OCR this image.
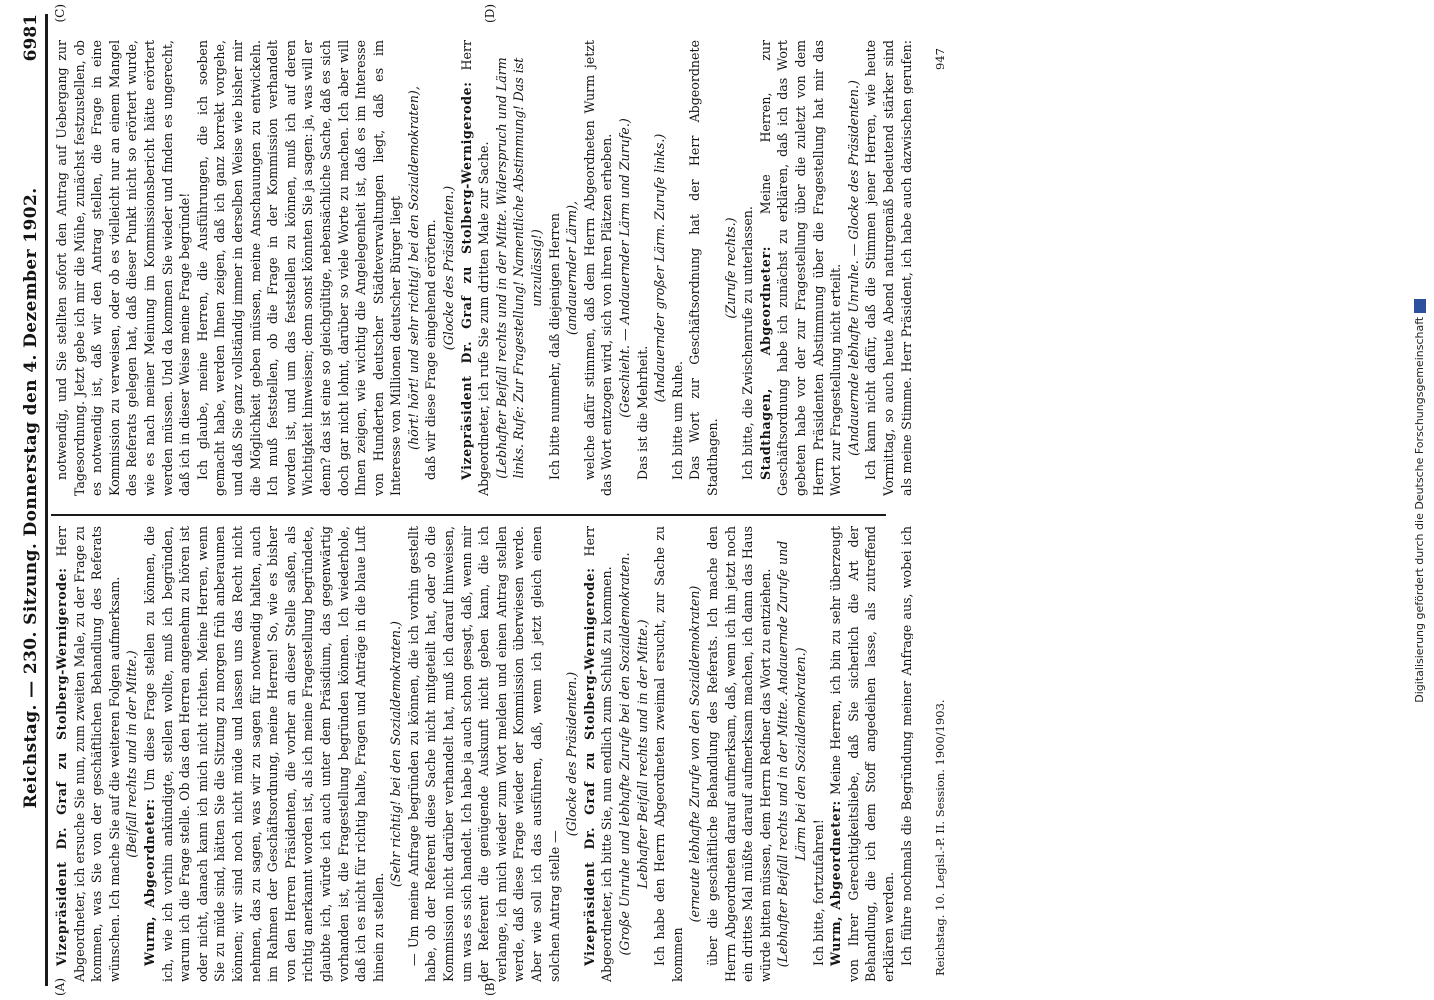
Reichstag. — 230. Sitzung. Donnerstag den 4. Dezember 1902.
6981
(A)	(B)
(C)	(D)

Vizepräsident Dr. Graf zu Stolberg-Wernigerode: Herr Abgeordneter, ich ersuche Sie nun, zum zweiten Male, zu der Frage zu kommen, was Sie von der geschäftlichen Behandlung des Referats wünschen. Ich mache Sie auf die weiteren Folgen aufmerksam. (Beifall rechts und in der Mitte.)

Wurm, Abgeordneter: Um diese Frage stellen zu können, die ich, wie ich vorhin ankündigte, stellen wollte, muß ich begründen, warum ich die Frage stelle. Ob das den Herren angenehm zu hören ist oder nicht, danach kann ich mich nicht richten. Meine Herren, wenn Sie zu müde sind, hätten Sie die Sitzung zu morgen früh anberaumen können; wir sind noch nicht müde und lassen uns das Recht nicht nehmen, das zu sagen, was wir zu sagen für notwendig halten, auch im Rahmen der Geschäftsordnung, meine Herren! So, wie es bisher von den Herren Präsidenten, die vorher an dieser Stelle saßen, als richtig anerkannt worden ist, als ich meine Fragestellung begründete, glaubte ich, würde ich auch unter dem Präsidium, das gegenwärtig vorhanden ist, die Fragestellung begründen können. Ich wiederhole, daß ich es nicht für richtig halte, Fragen und Anträge in die blaue Luft hinein zu stellen.

(Sehr richtig! bei den Sozialdemokraten.) — Um meine Anfrage begründen zu können, die ich vorhin gestellt habe, ob der Referent diese Sache nicht mitgeteilt hat, oder ob die Kommission nicht darüber verhandelt hat, muß ich darauf hinweisen, um was es sich handelt. Ich habe ja auch schon gesagt, daß, wenn mir der Referent die genügende Auskunft nicht geben kann, die ich verlange, ich mich wieder zum Wort melden und einen Antrag stellen werde, daß diese Frage wieder der Kommission überwiesen werde. Aber wie soll ich das ausführen, daß, wenn ich jetzt gleich einen solchen Antrag stelle —

(Glocke des Präsidenten.) Vizepräsident Dr. Graf zu Stolberg-Wernigerode: Herr Abgeordneter, ich bitte Sie, nun endlich zum Schluß zu kommen. (Große Unruhe und lebhafte Zurufe bei den Sozialdemokraten. Lebhafter Beifall rechts und in der Mitte.) Ich habe den Herrn Abgeordneten zweimal ersucht, zur Sache zu kommen

(erneute lebhafte Zurufe von den Sozialdemokraten) über die geschäftliche Behandlung des Referats. Ich mache den Herrn Abgeordneten darauf aufmerksam, daß, wenn ich ihn jetzt noch ein drittes Mal müßte darauf aufmerksam machen, ich dann das Haus würde bitten müssen, dem Herrn Redner das Wort zu entziehen. (Lebhafter Beifall rechts und in der Mitte. Andauernde Zurufe und Lärm bei den Sozialdemokraten.)

Ich bitte, fortzufahren! Wurm, Abgeordneter: Meine Herren, ich bin zu sehr überzeugt von Ihrer Gerechtigkeitsliebe, daß Sie sicherlich die Art der Behandlung, die ich dem Stoff angedeihen lasse, als zutreffend erklären werden. Ich führe nochmals die Begründung meiner Anfrage aus, wobei ich

notwendig, und Sie stellten sofort den Antrag auf Uebergang zur Tagesordnung. Jetzt gebe ich mir die Mühe, zunächst festzustellen, ob es notwendig ist, daß wir den Antrag stellen, die Frage in eine Kommission zu verweisen, oder ob es vielleicht nur an einem Mangel des Referats gelegen hat, daß dieser Punkt nicht so erörtert wurde, wie es nach meiner Meinung im Kommissionsbericht hätte erörtert werden müssen. Und da kommen Sie wieder und finden es ungerecht, daß ich in dieser Weise meine Frage begründe! Ich glaube, meine Herren, die Ausführungen, die ich soeben gemacht habe, werden Ihnen zeigen, daß ich ganz korrekt vorgehe, und daß Sie ganz vollständig immer in derselben Weise wie bisher mir die Möglichkeit geben müssen, meine Anschauungen zu entwickeln. Ich muß feststellen, ob die Frage in der Kommission verhandelt worden ist, und um das feststellen zu können, muß ich auf deren Wichtigkeit hinweisen; denn sonst könnten Sie ja sagen: ja, was will er denn? das ist eine so gleichgültige, nebensächliche Sache, daß es sich doch gar nicht lohnt, darüber so viele Worte zu machen. Ich aber will Ihnen zeigen, wie wichtig die Angelegenheit ist, daß es im Interesse von Hunderten deutscher Städteverwaltungen liegt, daß es im Interesse von Millionen deutscher Bürger liegt (hört! hört! und sehr richtig! bei den Sozialdemokraten), daß wir diese Frage eingehend erörtern. (Glocke des Präsidenten.) Vizepräsident Dr. Graf zu Stolberg-Wernigerode: Herr Abgeordneter, ich rufe Sie zum dritten Male zur Sache. (Lebhafter Beifall rechts und in der Mitte. Widerspruch und Lärm links. Rufe: Zur Fragestellung! Namentliche Abstimmung! Das ist unzulässig!) Ich bitte nunmehr, daß diejenigen Herren (andauernder Lärm), welche dafür stimmen, daß dem Herrn Abgeordneten Wurm jetzt das Wort entzogen wird, sich von ihren Plätzen erheben. (Geschieht. — Andauernder Lärm und Zurufe.) Das ist die Mehrheit.

(Andauernder großer Lärm. Zurufe links.)

Ich bitte um Ruhe. Das Wort zur Geschäftsordnung hat der Herr Abgeordnete Stadthagen.

(Zurufe rechts.) Ich bitte, die Zwischenrufe zu unterlassen. Stadthagen, Abgeordneter: Meine Herren, zur Geschäftsordnung habe ich zunächst zu erklären, daß ich das Wort gebeten habe vor der zur Fragestellung über die zuletzt von dem Herrn Präsidenten Abstimmung über die Fragestellung hat mir das Wort zur Fragestellung nicht erteilt. (Andauernde lebhafte Unruhe. — Glocke des Präsidenten.)

Ich kann nicht dafür, daß die Stimmen jener Herren, wie heute Vormittag, so auch heute Abend naturgemäß bedeutend stärker sind als meine Stimme. Herr Präsident, ich habe auch dazwischen gerufen:

Reichstag. 10. Legisl.-P. II. Session. 1900/1903.
947
Digitalisierung gefördert durch die Deutsche Forschungsgemeinschaft
